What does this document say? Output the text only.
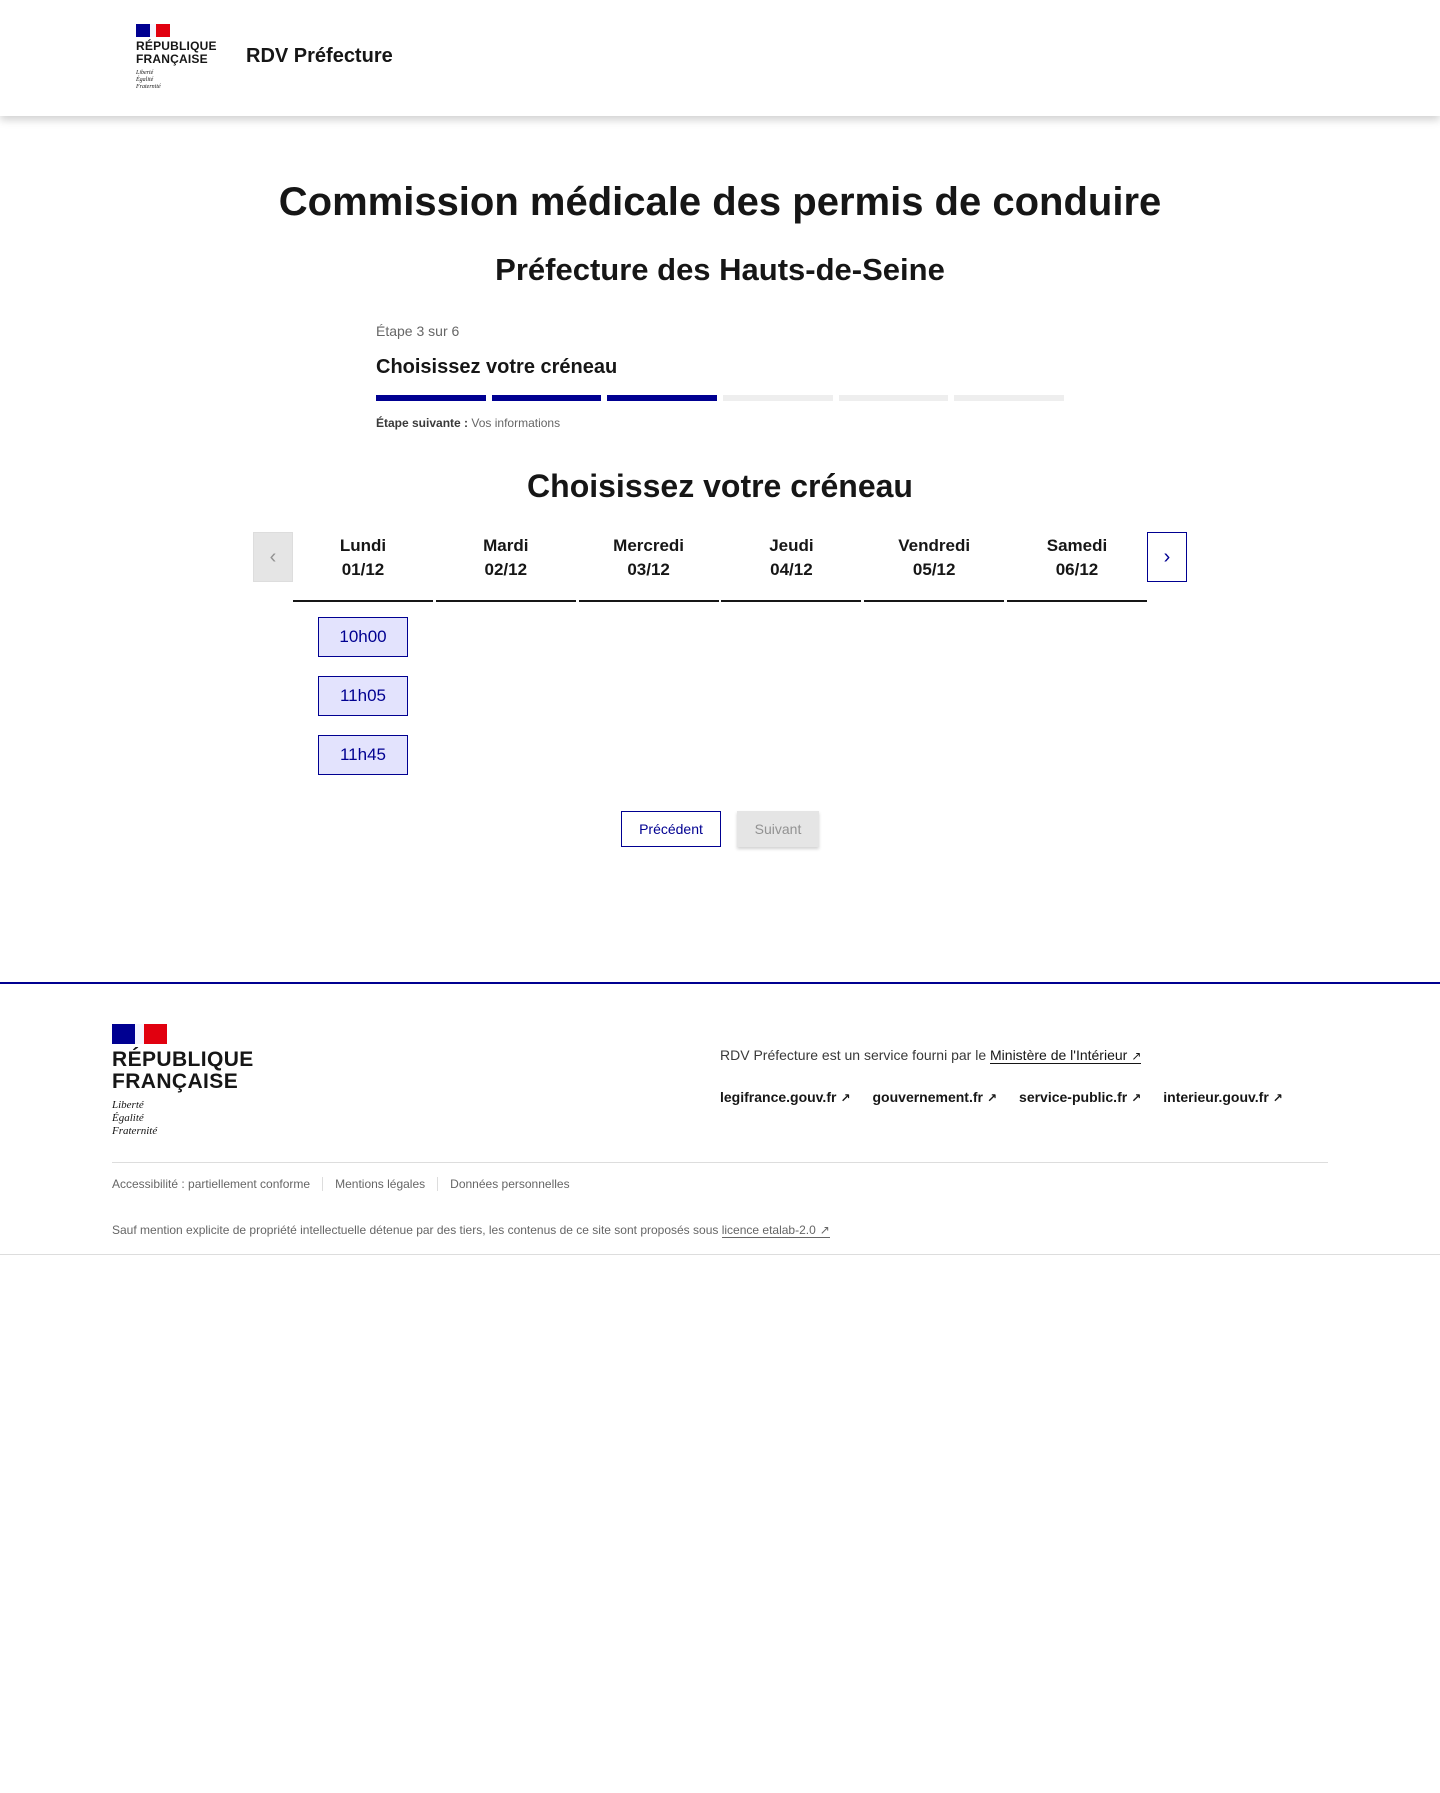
RÉPUBLIQUE
FRANÇAISE
Liberté
Égalité
Fraternité
RDV Préfecture
Commission médicale des permis de conduire
Préfecture des Hauts-de-Seine
Étape 3 sur 6
Choisissez votre créneau
Étape suivante : Vos informations
Choisissez votre créneau
‹	Lundi
01/12
Mardi
02/12
Mercredi
03/12
Jeudi
04/12
Vendredi
05/12
Samedi
06/12
›
10h00
11h05
11h45
Précédent	Suivant
RÉPUBLIQUE
FRANÇAISE
Liberté
Égalité
Fraternité
RDV Préfecture est un service fourni par le Ministère de l'Intérieur ↗
legifrance.gouv.fr ↗ gouvernement.fr ↗ service-public.fr ↗ interieur.gouv.fr ↗
Accessibilité : partiellement conforme	Mentions légales	Données personnelles
Sauf mention explicite de propriété intellectuelle détenue par des tiers, les contenus de ce site sont proposés sous licence etalab-2.0 ↗
